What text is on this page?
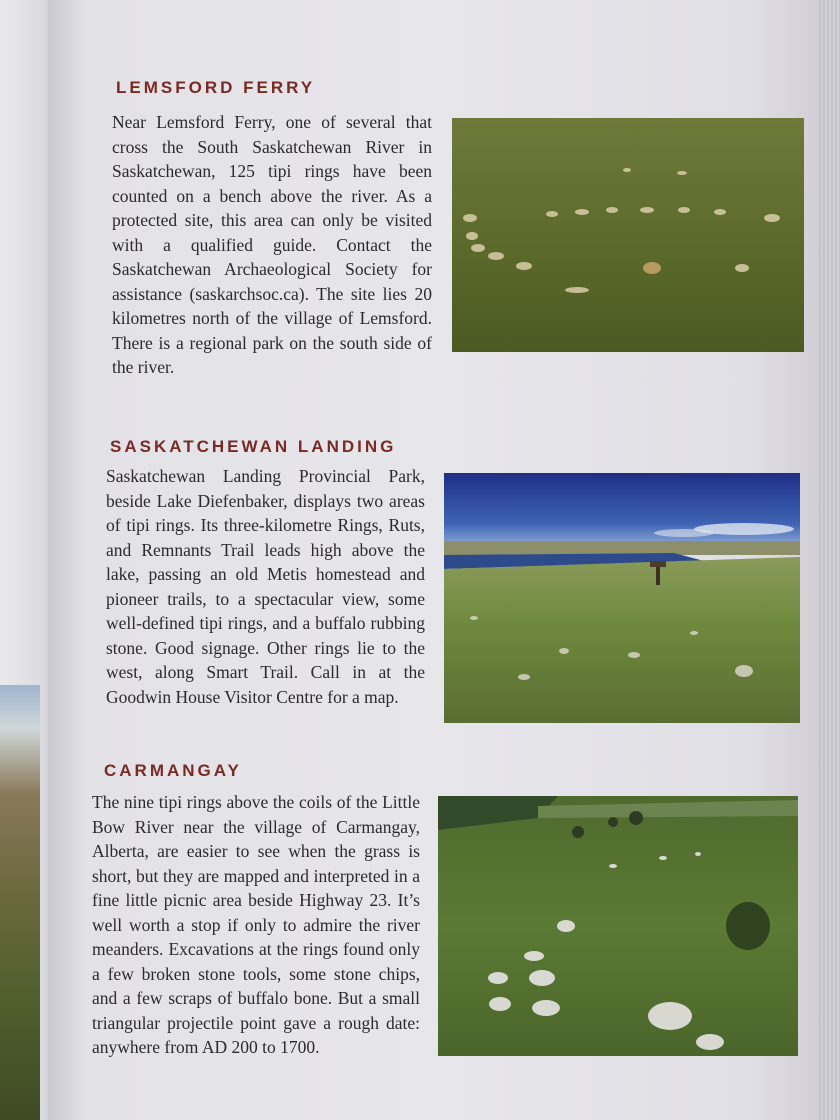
LEMSFORD FERRY

Near Lemsford Ferry, one of several that cross the South Saskatchewan River in Saskatchewan, 125 tipi rings have been counted on a bench above the river. As a protected site, this area can only be visited with a qualified guide. Contact the Saskatchewan Archaeological Society for assistance (saskarchsoc.ca). The site lies 20 kilometres north of the village of Lemsford. There is a regional park on the south side of the river.

SASKATCHEWAN LANDING

Saskatchewan Landing Provincial Park, beside Lake Diefenbaker, displays two areas of tipi rings. Its three-kilometre Rings, Ruts, and Remnants Trail leads high above the lake, passing an old Metis homestead and pioneer trails, to a spectacular view, some well-defined tipi rings, and a buffalo rubbing stone. Good signage. Other rings lie to the west, along Smart Trail. Call in at the Goodwin House Visitor Centre for a map.

CARMANGAY

The nine tipi rings above the coils of the Little Bow River near the village of Carmangay, Alberta, are easier to see when the grass is short, but they are mapped and interpreted in a fine little picnic area beside Highway 23. It’s well worth a stop if only to admire the river meanders. Excavations at the rings found only a few broken stone tools, some stone chips, and a few scraps of buffalo bone. But a small triangular projectile point gave a rough date: anywhere from AD 200 to 1700.
